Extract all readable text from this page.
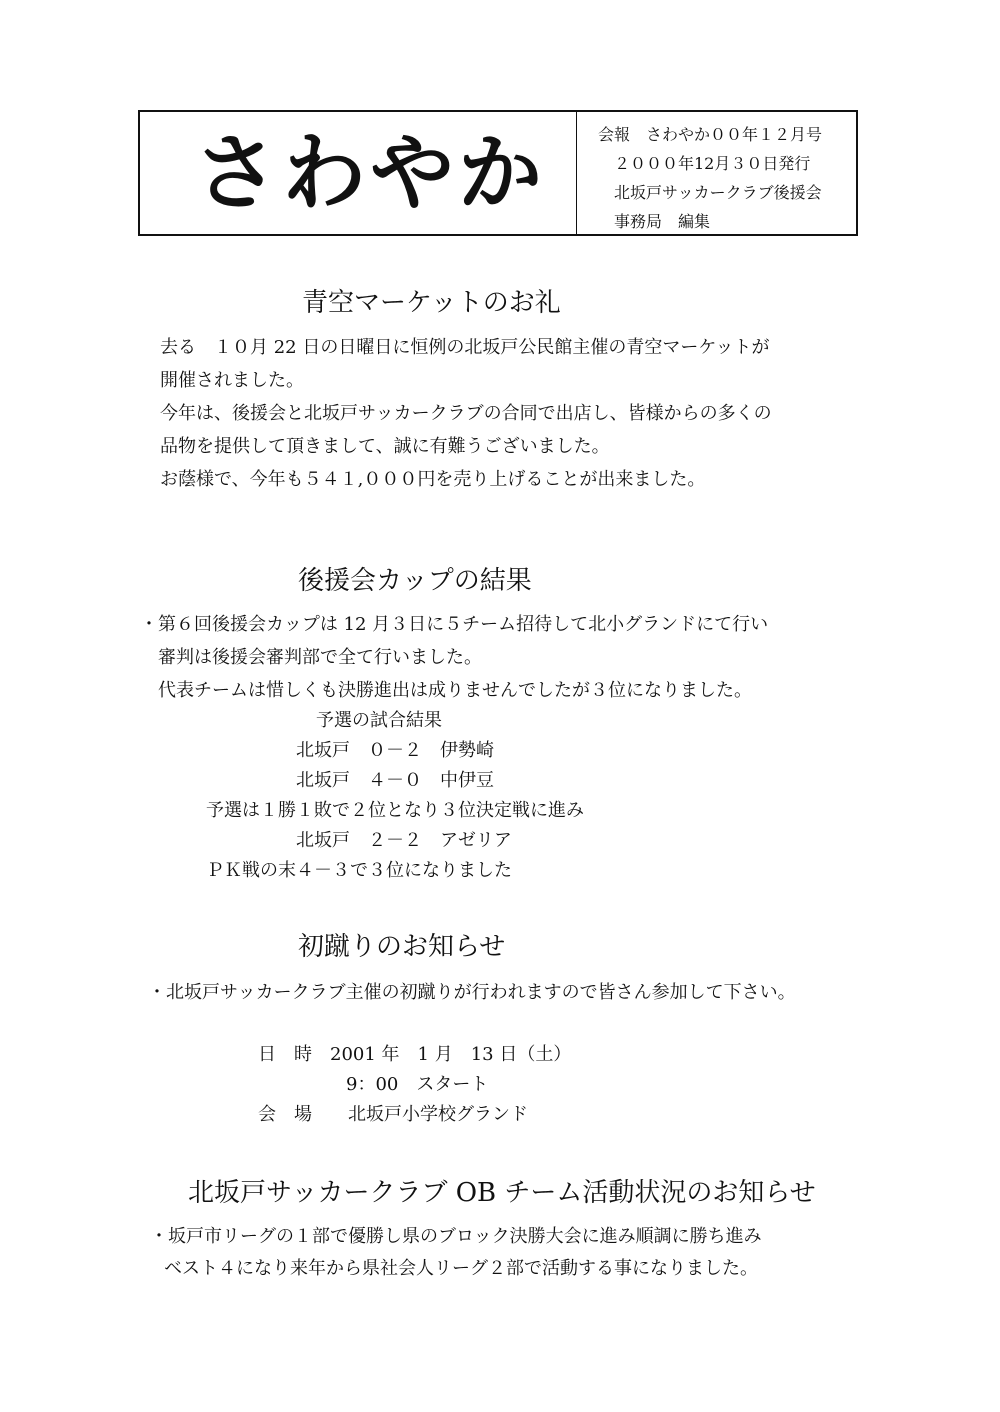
さわやか	会報　さわやか００年１２月号
２０００年12月３０日発行
北坂戸サッカークラブ後援会
事務局　編集
青空マーケットのお礼
去る　１０月 22 日の日曜日に恒例の北坂戸公民館主催の青空マーケットが
開催されました。
今年は、後援会と北坂戸サッカークラブの合同で出店し、皆様からの多くの
品物を提供して頂きまして、誠に有難うございました。
お蔭様で、今年も５４１,０００円を売り上げることが出来ました。
後援会カップの結果
・第６回後援会カップは 12 月３日に５チーム招待して北小グランドにて行い
審判は後援会審判部で全て行いました。
代表チームは惜しくも決勝進出は成りませんでしたが３位になりました。
予選の試合結果
北坂戸　０－２　伊勢崎
北坂戸　４－０　中伊豆
予選は１勝１敗で２位となり３位決定戦に進み
北坂戸　２－２　アゼリア
ＰＫ戦の末４－３で３位になりました
初蹴りのお知らせ
・北坂戸サッカークラブ主催の初蹴りが行われますので皆さん参加して下さい。
日　時　2001 年　1 月　13 日（土）
9：00　スタート
会　場　　北坂戸小学校グランド
北坂戸サッカークラブ OB チーム活動状況のお知らせ
・坂戸市リーグの１部で優勝し県のブロック決勝大会に進み順調に勝ち進み
ベスト４になり来年から県社会人リーグ２部で活動する事になりました。
